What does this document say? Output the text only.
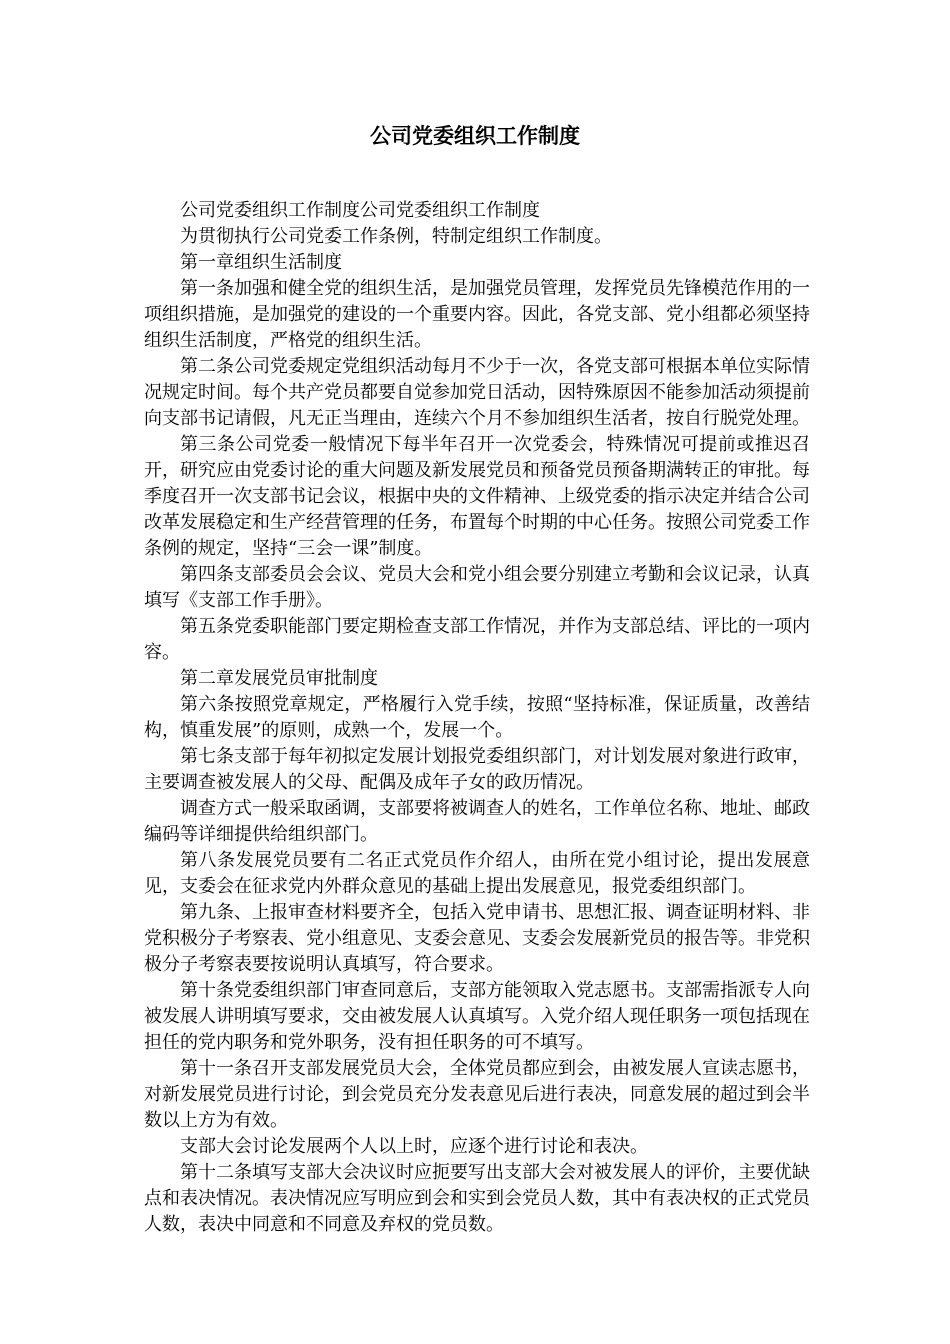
公司党委组织工作制度

公司党委组织工作制度公司党委组织工作制度

为贯彻执行公司党委工作条例，特制定组织工作制度。

第一章组织生活制度

第一条加强和健全党的组织生活，是加强党员管理，发挥党员先锋模范作用的一项组织措施，是加强党的建设的一个重要内容。因此，各党支部、党小组都必须坚持组织生活制度，严格党的组织生活。

第二条公司党委规定党组织活动每月不少于一次，各党支部可根据本单位实际情况规定时间。每个共产党员都要自觉参加党日活动，因特殊原因不能参加活动须提前向支部书记请假，凡无正当理由，连续六个月不参加组织生活者，按自行脱党处理。

第三条公司党委一般情况下每半年召开一次党委会，特殊情况可提前或推迟召开，研究应由党委讨论的重大问题及新发展党员和预备党员预备期满转正的审批。每季度召开一次支部书记会议，根据中央的文件精神、上级党委的指示决定并结合公司改革发展稳定和生产经营管理的任务，布置每个时期的中心任务。按照公司党委工作条例的规定，坚持“三会一课”制度。

第四条支部委员会会议、党员大会和党小组会要分别建立考勤和会议记录，认真填写《支部工作手册》。

第五条党委职能部门要定期检查支部工作情况，并作为支部总结、评比的一项内容。

第二章发展党员审批制度

第六条按照党章规定，严格履行入党手续，按照“坚持标准，保证质量，改善结构，慎重发展”的原则，成熟一个，发展一个。

第七条支部于每年初拟定发展计划报党委组织部门，对计划发展对象进行政审，主要调查被发展人的父母、配偶及成年子女的政历情况。

调查方式一般采取函调，支部要将被调查人的姓名，工作单位名称、地址、邮政编码等详细提供给组织部门。

第八条发展党员要有二名正式党员作介绍人，由所在党小组讨论，提出发展意见，支委会在征求党内外群众意见的基础上提出发展意见，报党委组织部门。

第九条、上报审查材料要齐全，包括入党申请书、思想汇报、调查证明材料、非党积极分子考察表、党小组意见、支委会意见、支委会发展新党员的报告等。非党积极分子考察表要按说明认真填写，符合要求。

第十条党委组织部门审查同意后，支部方能领取入党志愿书。支部需指派专人向被发展人讲明填写要求，交由被发展人认真填写。入党介绍人现任职务一项包括现在担任的党内职务和党外职务，没有担任职务的可不填写。

第十一条召开支部发展党员大会，全体党员都应到会，由被发展人宣读志愿书，对新发展党员进行讨论，到会党员充分发表意见后进行表决，同意发展的超过到会半数以上方为有效。

支部大会讨论发展两个人以上时，应逐个进行讨论和表决。

第十二条填写支部大会决议时应扼要写出支部大会对被发展人的评价，主要优缺点和表决情况。表决情况应写明应到会和实到会党员人数，其中有表决权的正式党员人数，表决中同意和不同意及弃权的党员数。
